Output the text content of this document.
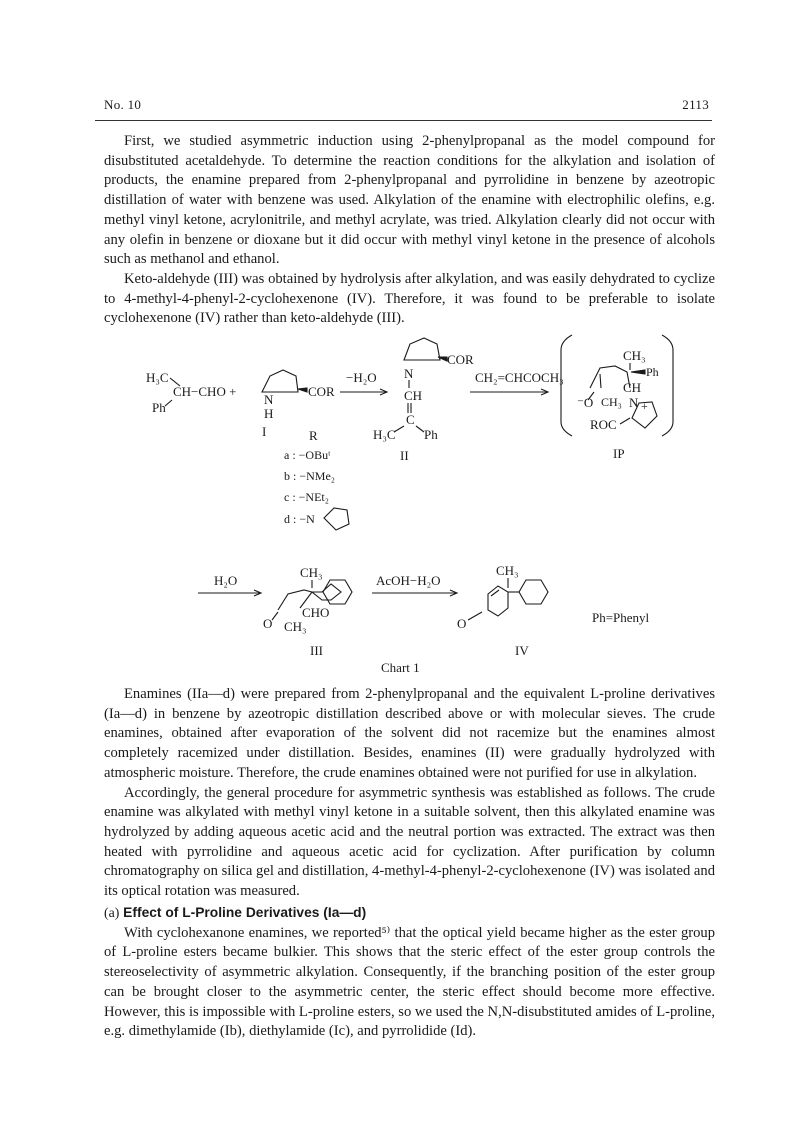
No. 10	2113

First, we studied asymmetric induction using 2-phenylpropanal as the model compound for disubstituted acetaldehyde. To determine the reaction conditions for the alkylation and isolation of products, the enamine prepared from 2-phenylpropanal and pyrrolidine in benzene by azeotropic distillation of water with benzene was used. Alkylation of the enamine with electrophilic olefins, e.g. methyl vinyl ketone, acrylonitrile, and methyl acrylate, was tried. Alkylation clearly did not occur with any olefin in benzene or dioxane but it did occur with methyl vinyl ketone in the presence of alcohols such as methanol and ethanol.

Keto-aldehyde (III) was obtained by hydrolysis after alkylation, and was easily dehydrated to cyclize to 4-methyl-4-phenyl-2-cyclohexenone (IV). Therefore, it was found to be preferable to isolate cyclohexenone (IV) rather than keto-aldehyde (III).

H₃C
CH−CHO +
Ph
N
H
COR
I	R
−H₂O
COR
N
CH
C
H₃C Ph
II
CH₂=CHCOCH₃
CH₃
Ph
CH
⁻O CH₃ N +
ROC
IP
a : −OBuᵗ
b : −NMe₂
c : −NEt₂
d : −N
H₂O
CH₃
CHO
O CH₃
III
AcOH−H₂O
CH₃
O
IV
Ph=Phenyl
Chart 1

Enamines (IIa—d) were prepared from 2-phenylpropanal and the equivalent L-proline derivatives (Ia—d) in benzene by azeotropic distillation described above or with molecular sieves. The crude enamines, obtained after evaporation of the solvent did not racemize but the enamines almost completely racemized under distillation. Besides, enamines (II) were gradually hydrolyzed with atmospheric moisture. Therefore, the crude enamines obtained were not purified for use in alkylation.

Accordingly, the general procedure for asymmetric synthesis was established as follows. The crude enamine was alkylated with methyl vinyl ketone in a suitable solvent, then this alkylated enamine was hydrolyzed by adding aqueous acetic acid and the neutral portion was extracted. The extract was then heated with pyrrolidine and aqueous acetic acid for cyclization. After purification by column chromatography on silica gel and distillation, 4-methyl-4-phenyl-2-cyclohexenone (IV) was isolated and its optical rotation was measured.

(a) Effect of L-Proline Derivatives (Ia—d)

With cyclohexanone enamines, we reported⁵⁾ that the optical yield became higher as the ester group of L-proline esters became bulkier. This shows that the steric effect of the ester group controls the stereoselectivity of asymmetric alkylation. Consequently, if the branching position of the ester group can be brought closer to the asymmetric center, the steric effect should become more effective. However, this is impossible with L-proline esters, so we used the N,N-disubstituted amides of L-proline, e.g. dimethylamide (Ib), diethylamide (Ic), and pyrrolidide (Id).
